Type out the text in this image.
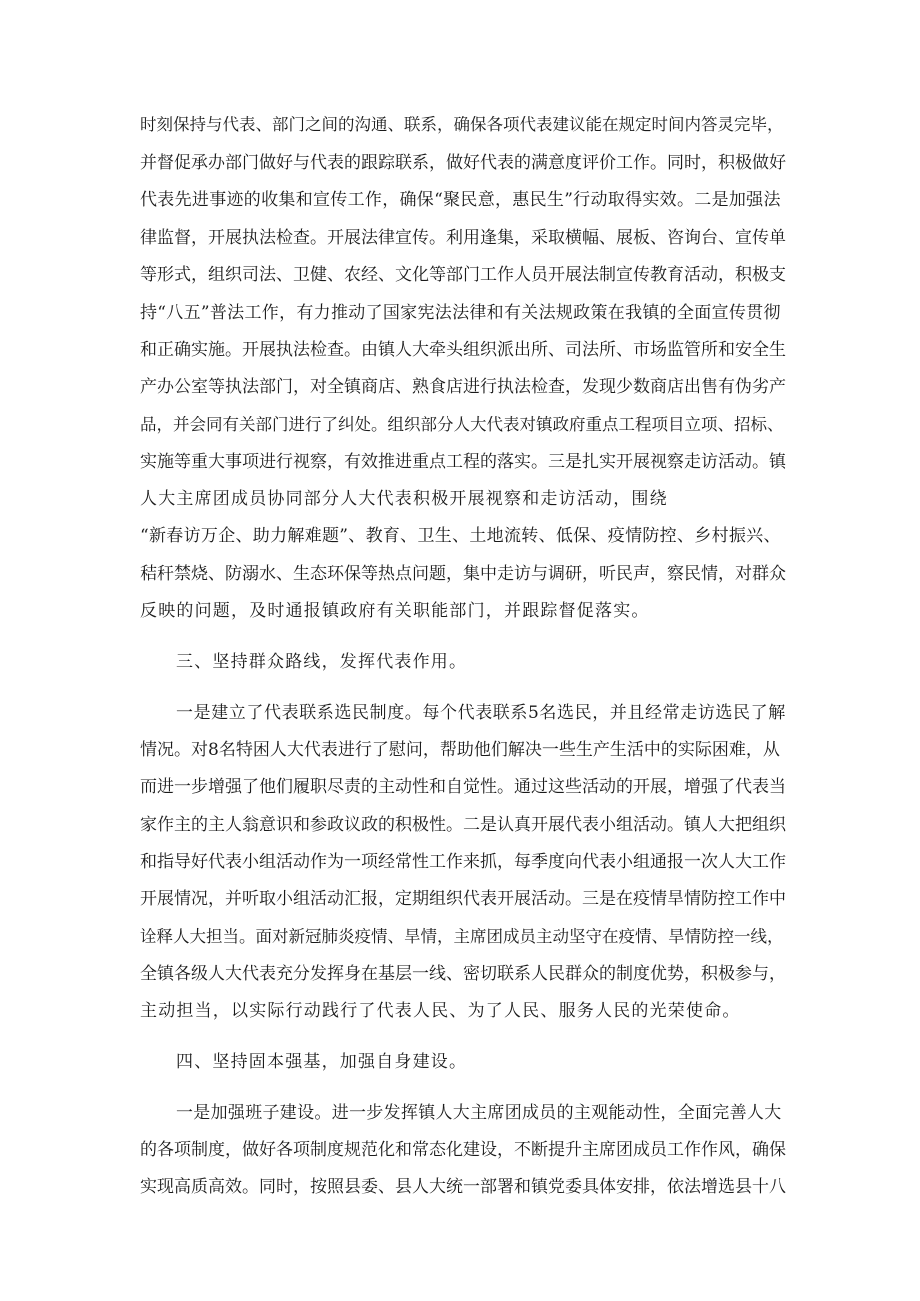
时刻保持与代表、部门之间的沟通、联系，确保各项代表建议能在规定时间内答灵完毕，
并督促承办部门做好与代表的跟踪联系，做好代表的满意度评价工作。同时，积极做好
代表先进事迹的收集和宣传工作，确保“聚民意，惠民生”行动取得实效。二是加强法
律监督，开展执法检查。开展法律宣传。利用逢集，采取横幅、展板、咨询台、宣传单
等形式，组织司法、卫健、农经、文化等部门工作人员开展法制宣传教育活动，积极支
持“八五”普法工作，有力推动了国家宪法法律和有关法规政策在我镇的全面宣传贯彻
和正确实施。开展执法检查。由镇人大牵头组织派出所、司法所、市场监管所和安全生
产办公室等执法部门，对全镇商店、熟食店进行执法检查，发现少数商店出售有伪劣产
品，并会同有关部门进行了纠处。组织部分人大代表对镇政府重点工程项目立项、招标、
实施等重大事项进行视察，有效推进重点工程的落实。三是扎实开展视察走访活动。镇
人大主席团成员协同部分人大代表积极开展视察和走访活动，围绕
“新春访万企、助力解难题”、教育、卫生、土地流转、低保、疫情防控、乡村振兴、
秸秆禁烧、防溺水、生态环保等热点问题，集中走访与调研，听民声，察民情，对群众
反映的问题，及时通报镇政府有关职能部门，并跟踪督促落实。
三、坚持群众路线，发挥代表作用。
一是建立了代表联系选民制度。每个代表联系5名选民，并且经常走访选民了解
情况。对8名特困人大代表进行了慰问，帮助他们解决一些生产生活中的实际困难，从
而进一步增强了他们履职尽责的主动性和自觉性。通过这些活动的开展，增强了代表当
家作主的主人翁意识和参政议政的积极性。二是认真开展代表小组活动。镇人大把组织
和指导好代表小组活动作为一项经常性工作来抓，每季度向代表小组通报一次人大工作
开展情况，并听取小组活动汇报，定期组织代表开展活动。三是在疫情旱情防控工作中
诠释人大担当。面对新冠肺炎疫情、旱情，主席团成员主动坚守在疫情、旱情防控一线，
全镇各级人大代表充分发挥身在基层一线、密切联系人民群众的制度优势，积极参与，
主动担当，以实际行动践行了代表人民、为了人民、服务人民的光荣使命。
四、坚持固本强基，加强自身建设。
一是加强班子建设。进一步发挥镇人大主席团成员的主观能动性，全面完善人大
的各项制度，做好各项制度规范化和常态化建设，不断提升主席团成员工作作风，确保
实现高质高效。同时，按照县委、县人大统一部署和镇党委具体安排，依法增选县十八
